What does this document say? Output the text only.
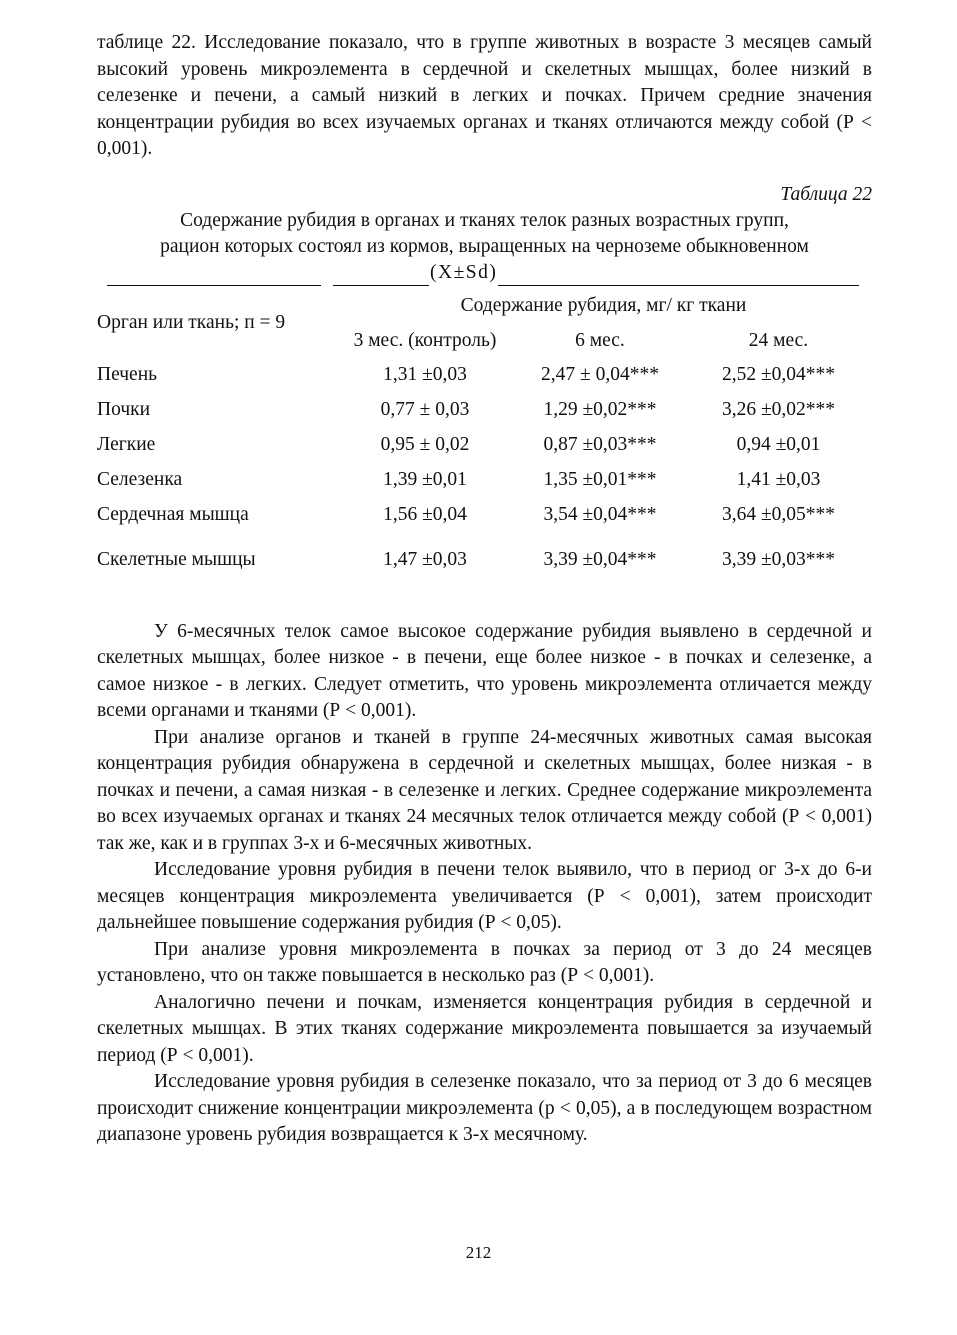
таблице 22. Исследование показало, что в группе животных в возрасте 3 месяцев самый высокий уровень микроэлемента в сердечной и скелетных мышцах, более низкий в селезенке и печени, а самый низкий в легких и почках. Причем средние значения концентрации рубидия во всех изучаемых органах и тканях отличаются между собой (Р < 0,001).

Таблица 22

Содержание рубидия в органах и тканях телок разных возрастных групп,

рацион которых состоял из кормов, выращенных на черноземе обыкновенном

(X±Sd)
Орган или ткань; п = 9	Содержание рубидия, мг/ кг ткани		
	3 мес. (контроль)	6 мес.	24 мес.
Печень	1,31 ±0,03	2,47 ± 0,04***	2,52 ±0,04***
Почки	0,77 ± 0,03	1,29 ±0,02***	3,26 ±0,02***
Легкие	0,95 ± 0,02	0,87 ±0,03***	0,94 ±0,01
Селезенка	1,39 ±0,01	1,35 ±0,01***	1,41 ±0,03
Сердечная мышца	1,56 ±0,04	3,54 ±0,04***	3,64 ±0,05***
Скелетные мышцы	1,47 ±0,03	3,39 ±0,04***	3,39 ±0,03***

У 6-месячных телок самое высокое содержание рубидия выявлено в сердечной и скелетных мышцах, более низкое - в печени, еще более низкое - в почках и селезенке, а самое низкое - в легких. Следует отметить, что уровень микроэлемента отличается между всеми органами и тканями (Р < 0,001).

При анализе органов и тканей в группе 24-месячных животных самая высокая концентрация рубидия обнаружена в сердечной и скелетных мышцах, более низкая - в почках и печени, а самая низкая - в селезенке и легких. Среднее содержание микроэлемента во всех изучаемых органах и тканях 24 месячных телок отличается между собой (Р < 0,001) так же, как и в группах 3-х и 6-месячных животных.

Исследование уровня рубидия в печени телок выявило, что в период ог 3-х до 6-и месяцев концентрация микроэлемента увеличивается (Р < 0,001), затем происходит дальнейшее повышение содержания рубидия (Р < 0,05).

При анализе уровня микроэлемента в почках за период от 3 до 24 месяцев установлено, что он также повышается в несколько раз (Р < 0,001).

Аналогично печени и почкам, изменяется концентрация рубидия в сердечной и скелетных мышцах. В этих тканях содержание микроэлемента повышается за изучаемый период (Р < 0,001).

Исследование уровня рубидия в селезенке показало, что за период от 3 до 6 месяцев происходит снижение концентрации микроэлемента (р < 0,05), а в последующем возрастном диапазоне уровень рубидия возвращается к 3-х месячному.

212
